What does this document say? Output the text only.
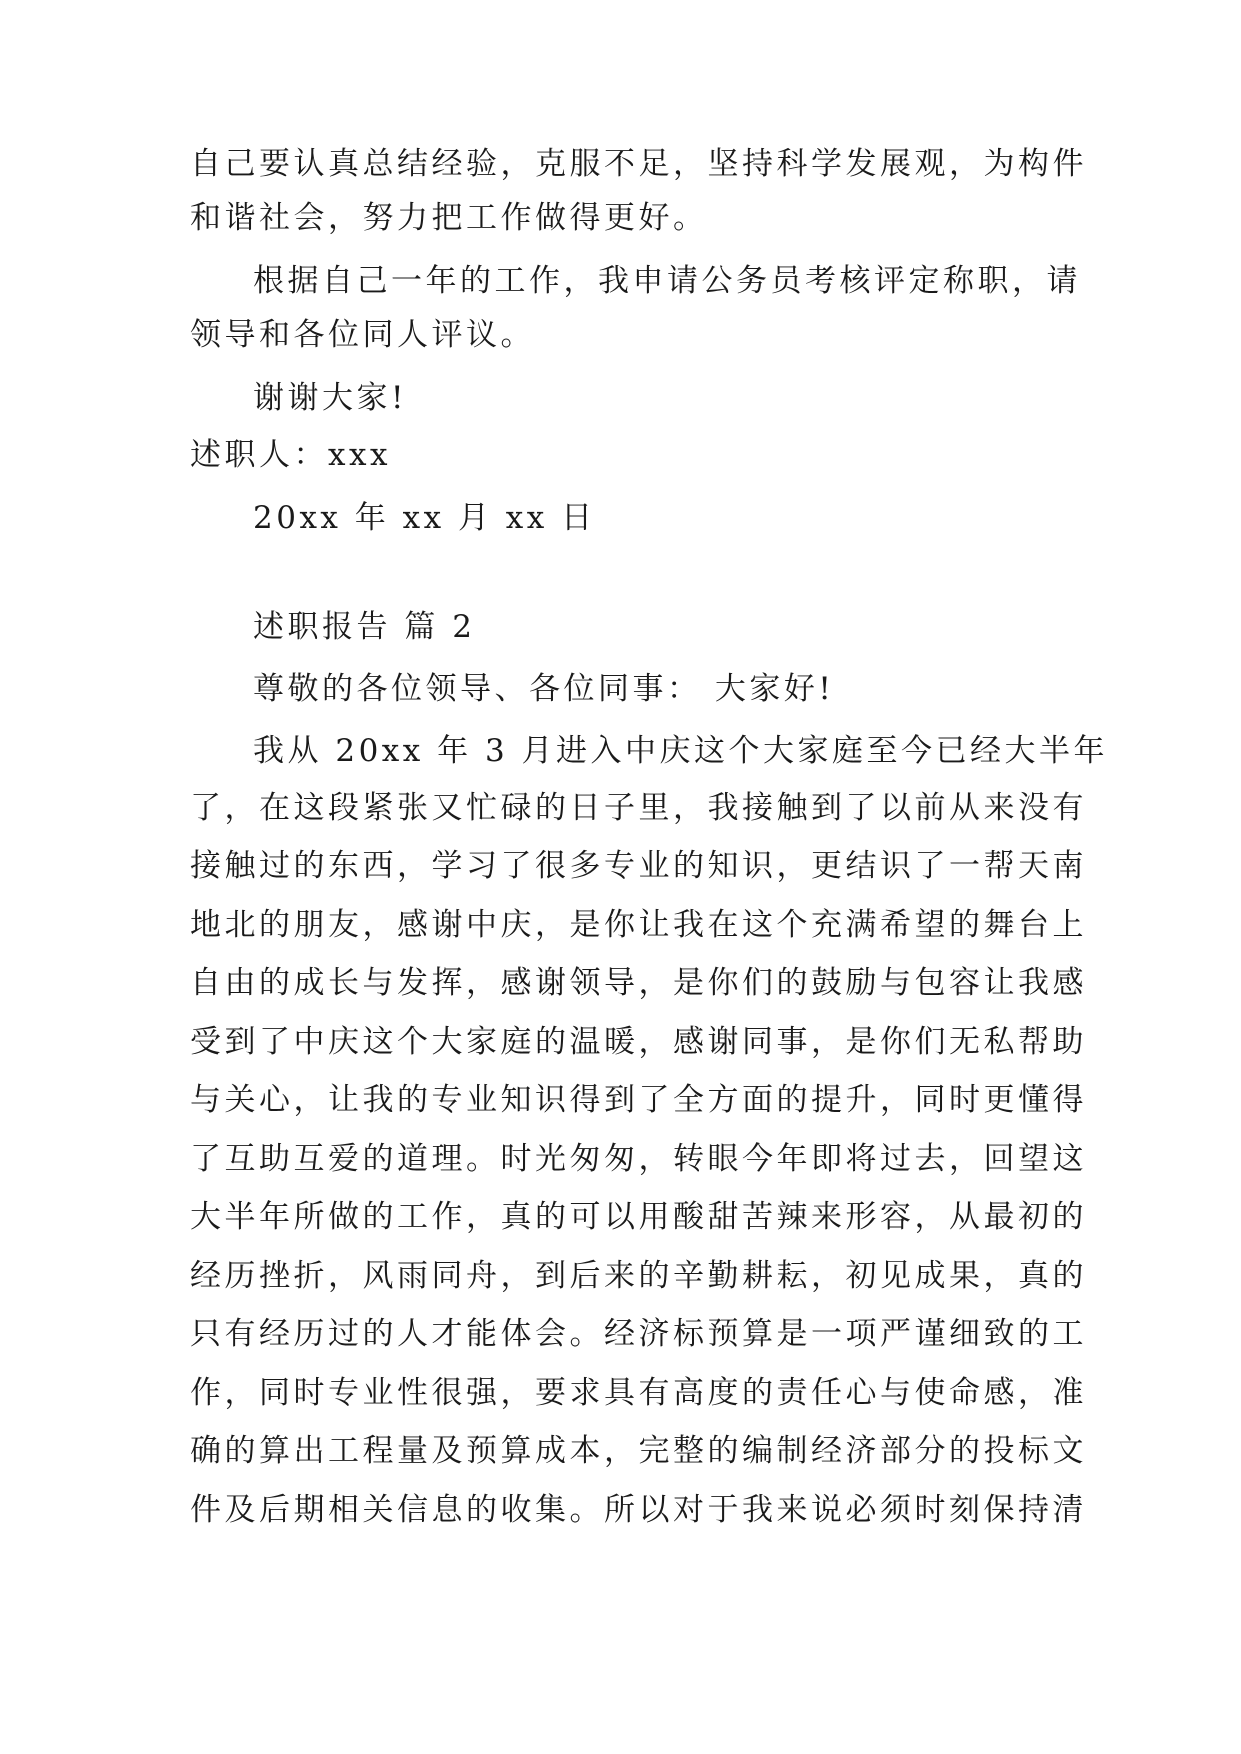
自己要认真总结经验，克服不足，坚持科学发展观，为构件
和谐社会，努力把工作做得更好。
根据自己一年的工作，我申请公务员考核评定称职，请
领导和各位同人评议。
谢谢大家!
述职人：xxx
20xx 年 xx 月 xx 日
述职报告 篇 2
尊敬的各位领导、各位同事： 大家好!
我从 20xx 年 3 月进入中庆这个大家庭至今已经大半年
了，在这段紧张又忙碌的日子里，我接触到了以前从来没有
接触过的东西，学习了很多专业的知识，更结识了一帮天南
地北的朋友，感谢中庆，是你让我在这个充满希望的舞台上
自由的成长与发挥，感谢领导，是你们的鼓励与包容让我感
受到了中庆这个大家庭的温暖，感谢同事，是你们无私帮助
与关心，让我的专业知识得到了全方面的提升，同时更懂得
了互助互爱的道理。时光匆匆，转眼今年即将过去，回望这
大半年所做的工作，真的可以用酸甜苦辣来形容，从最初的
经历挫折，风雨同舟，到后来的辛勤耕耘，初见成果，真的
只有经历过的人才能体会。经济标预算是一项严谨细致的工
作，同时专业性很强，要求具有高度的责任心与使命感，准
确的算出工程量及预算成本，完整的编制经济部分的投标文
件及后期相关信息的收集。所以对于我来说必须时刻保持清
